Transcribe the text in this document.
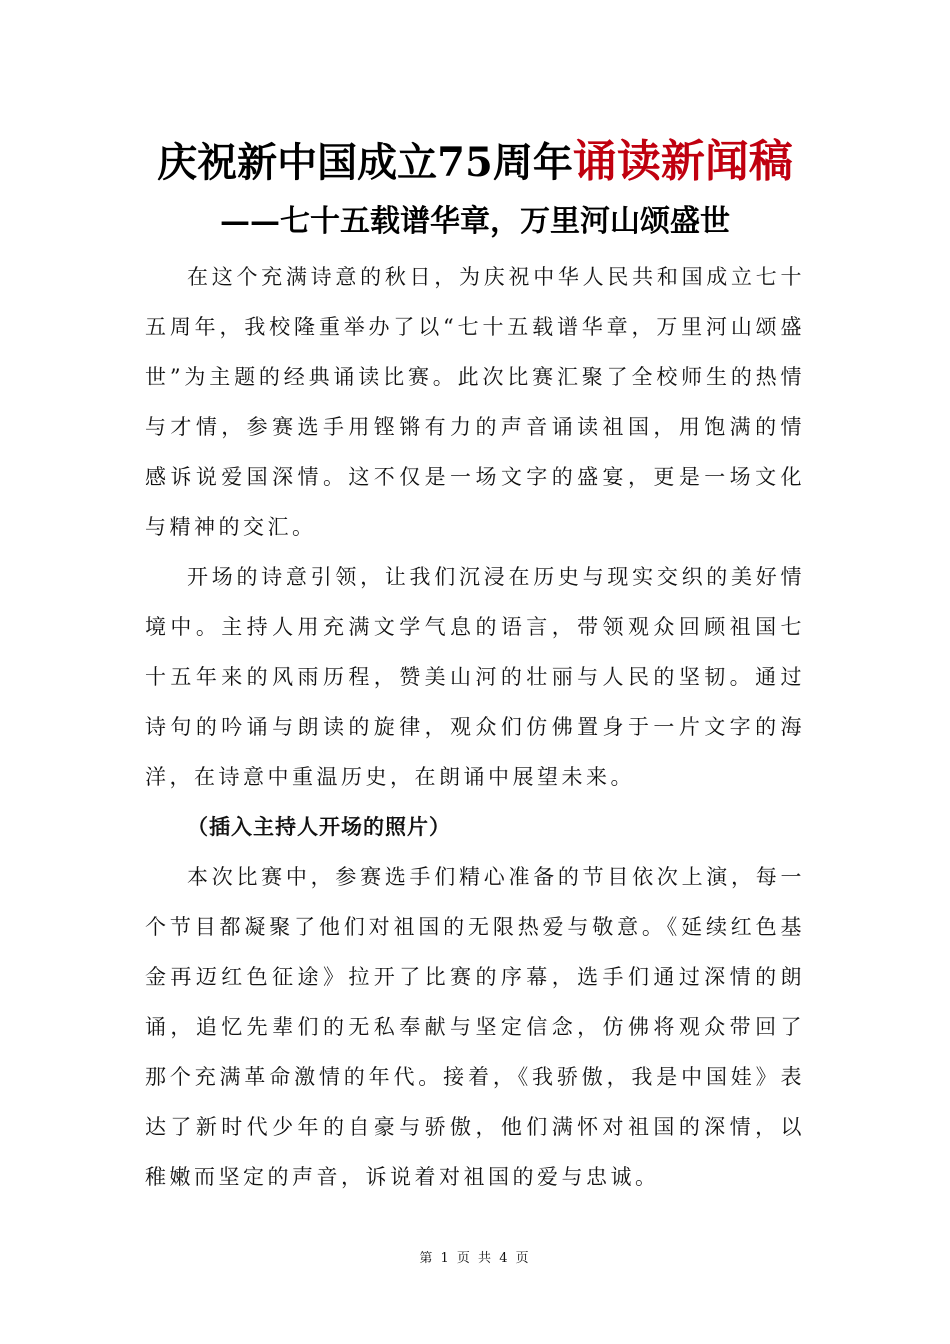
庆祝新中国成立75周年诵读新闻稿
——七十五载谱华章，万里河山颂盛世

在这个充满诗意的秋日，为庆祝中华人民共和国成立七十五周年，我校隆重举办了以“七十五载谱华章，万里河山颂盛世”为主题的经典诵读比赛。此次比赛汇聚了全校师生的热情与才情，参赛选手用铿锵有力的声音诵读祖国，用饱满的情感诉说爱国深情。这不仅是一场文字的盛宴，更是一场文化与精神的交汇。

开场的诗意引领，让我们沉浸在历史与现实交织的美好情境中。主持人用充满文学气息的语言，带领观众回顾祖国七十五年来的风雨历程，赞美山河的壮丽与人民的坚韧。通过诗句的吟诵与朗读的旋律，观众们仿佛置身于一片文字的海洋，在诗意中重温历史，在朗诵中展望未来。

（插入主持人开场的照片）

本次比赛中，参赛选手们精心准备的节目依次上演，每一个节目都凝聚了他们对祖国的无限热爱与敬意。《延续红色基金再迈红色征途》拉开了比赛的序幕，选手们通过深情的朗诵，追忆先辈们的无私奉献与坚定信念，仿佛将观众带回了那个充满革命激情的年代。接着，《我骄傲，我是中国娃》表达了新时代少年的自豪与骄傲，他们满怀对祖国的深情，以稚嫩而坚定的声音，诉说着对祖国的爱与忠诚。

第 1 页 共 4 页
